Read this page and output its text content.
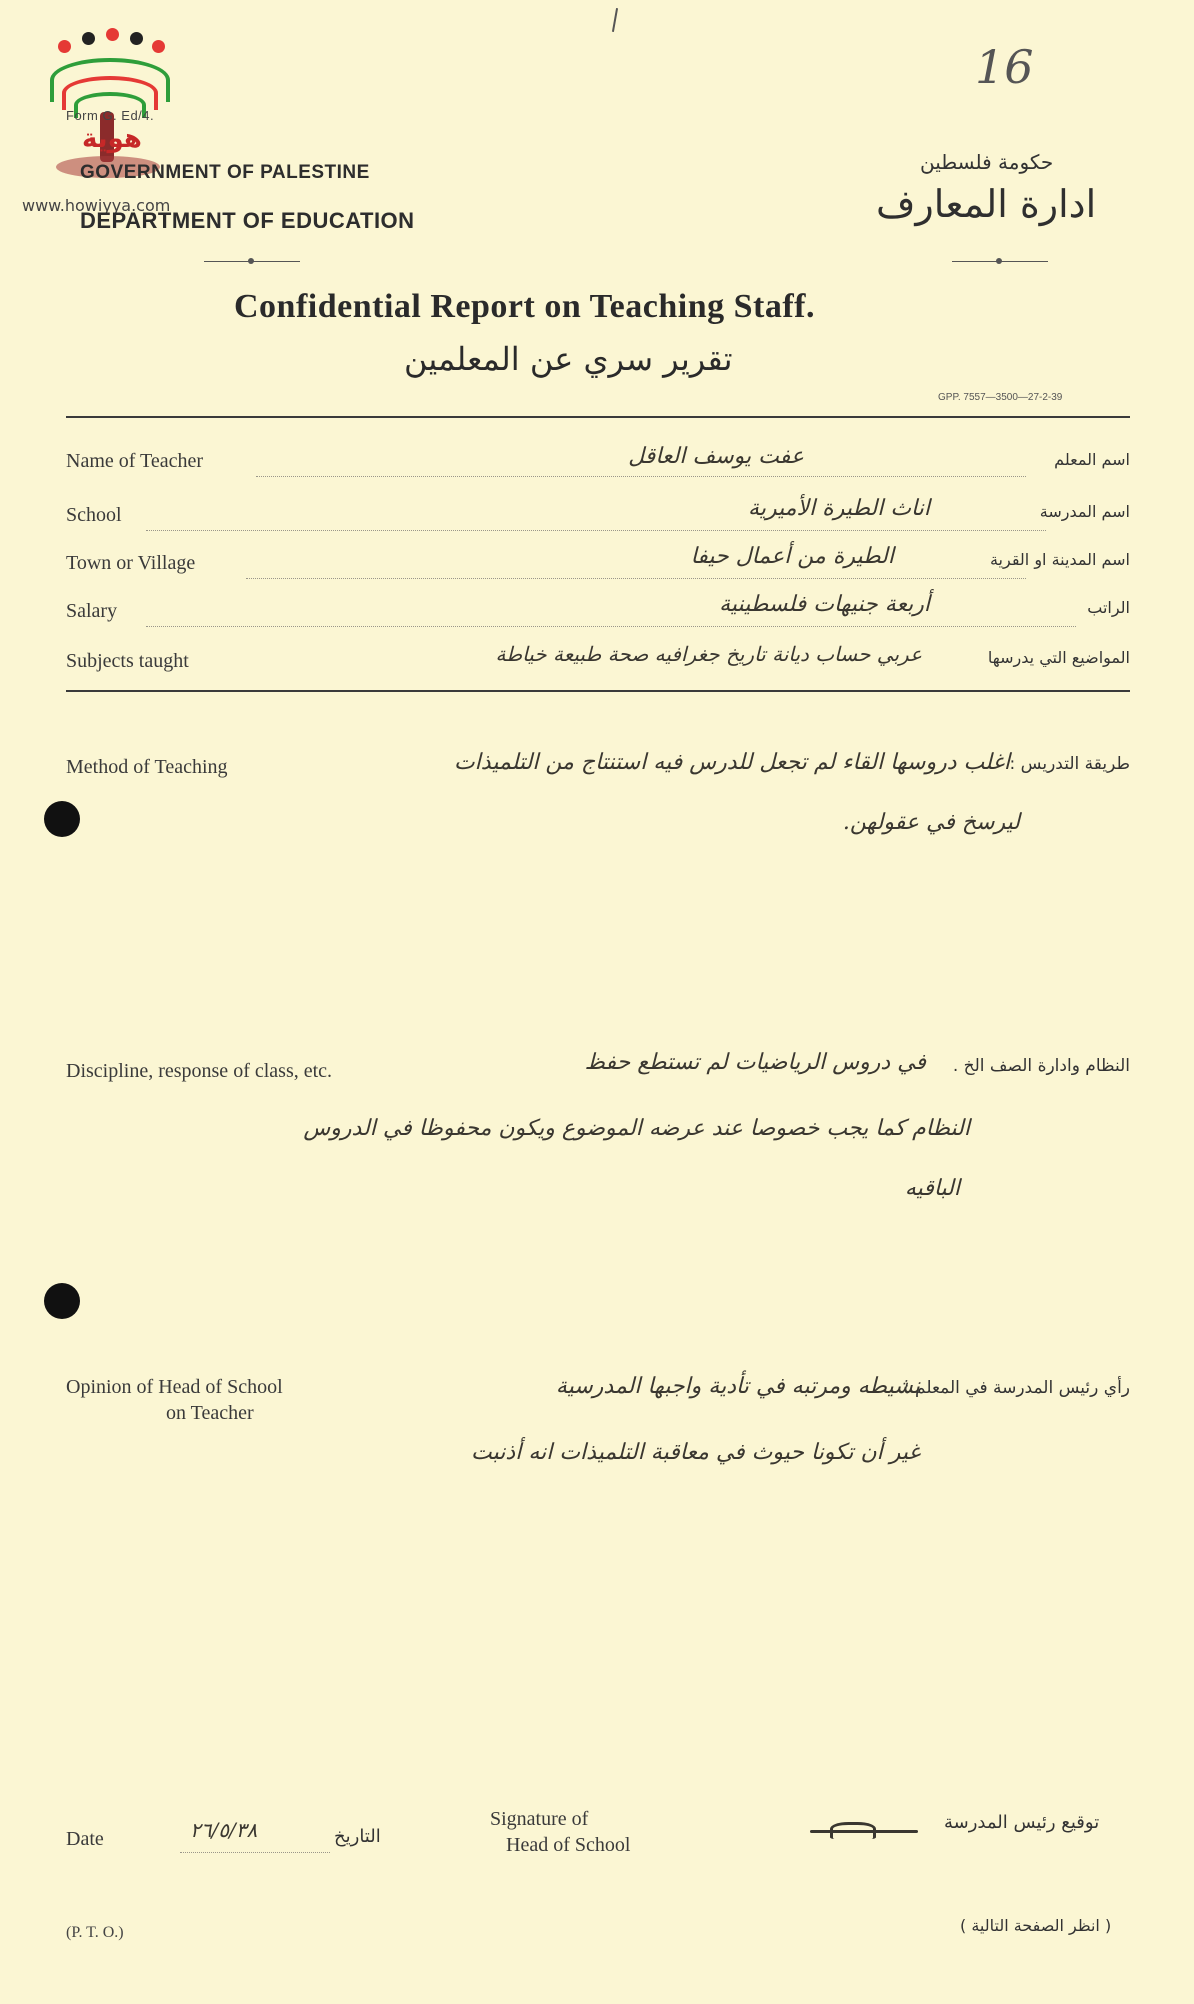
هوية
www.howiyya.com
16
Form G. Ed/4.
GOVERNMENT OF PALESTINE
DEPARTMENT OF EDUCATION
حكومة فلسطين
ادارة المعارف
Confidential Report on Teaching Staff.
تقرير سري عن المعلمين
GPP. 7557—3500—27-2-39
Name of Teacher	عفت يوسف العاقل	اسم المعلم
School	اناث الطيرة الأميرية	اسم المدرسة
Town or Village	الطيرة من أعمال حيفا	اسم المدينة او القرية
Salary	أربعة جنيهات فلسطينية	الراتب
Subjects taught	عربي حساب ديانة تاريخ جغرافيه صحة طبيعة خياطة	المواضيع التي يدرسها
Method of Teaching	طريقة التدريس :
اغلب دروسها القاء لم تجعل للدرس فيه استنتاج من التلميذات
ليرسخ في عقولهن.
Discipline, response of class, etc.	النظام وادارة الصف الخ .
في دروس الرياضيات لم تستطع حفظ
النظام كما يجب خصوصا عند عرضه الموضوع ويكون محفوظا في الدروس
الباقيه
Opinion of Head of School
on Teacher
رأي رئيس المدرسة في المعلم :
نشيطه ومرتبه في تأدية واجبها المدرسية
غير أن تكونا حيوث في معاقبة التلميذات انه أذنبت
Date	٢٦/٥/٣٨	التاريخ
Signature of
Head of School
توقيع رئيس المدرسة
(P. T. O.)	( انظر الصفحة التالية )
